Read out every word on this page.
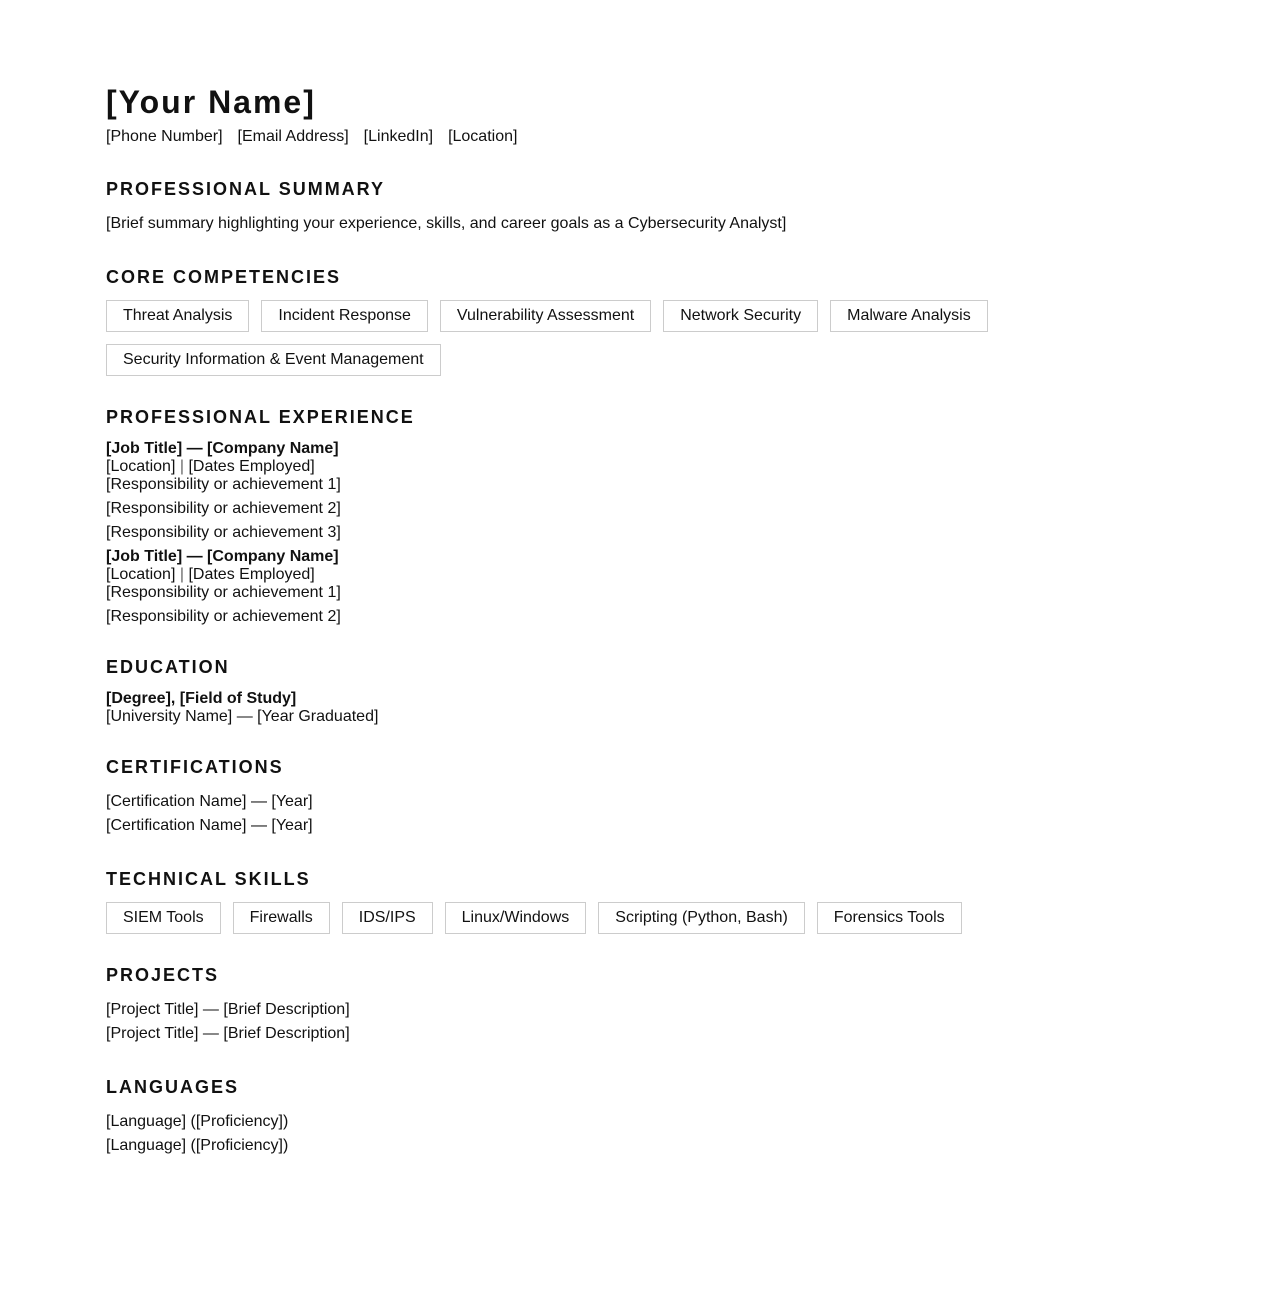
[Your Name]
[Phone Number] [Email Address] [LinkedIn] [Location]
PROFESSIONAL SUMMARY
[Brief summary highlighting your experience, skills, and career goals as a Cybersecurity Analyst]
CORE COMPETENCIES
Threat Analysis	Incident Response	Vulnerability Assessment	Network Security	Malware Analysis
Security Information & Event Management
PROFESSIONAL EXPERIENCE
[Job Title] — [Company Name]
[Location] | [Dates Employed]
[Responsibility or achievement 1]
[Responsibility or achievement 2]
[Responsibility or achievement 3]
[Job Title] — [Company Name]
[Location] | [Dates Employed]
[Responsibility or achievement 1]
[Responsibility or achievement 2]
EDUCATION
[Degree], [Field of Study]
[University Name] — [Year Graduated]
CERTIFICATIONS
[Certification Name] — [Year]
[Certification Name] — [Year]
TECHNICAL SKILLS
SIEM Tools	Firewalls	IDS/IPS	Linux/Windows	Scripting (Python, Bash)	Forensics Tools
PROJECTS
[Project Title] — [Brief Description]
[Project Title] — [Brief Description]
LANGUAGES
[Language] ([Proficiency])
[Language] ([Proficiency])
